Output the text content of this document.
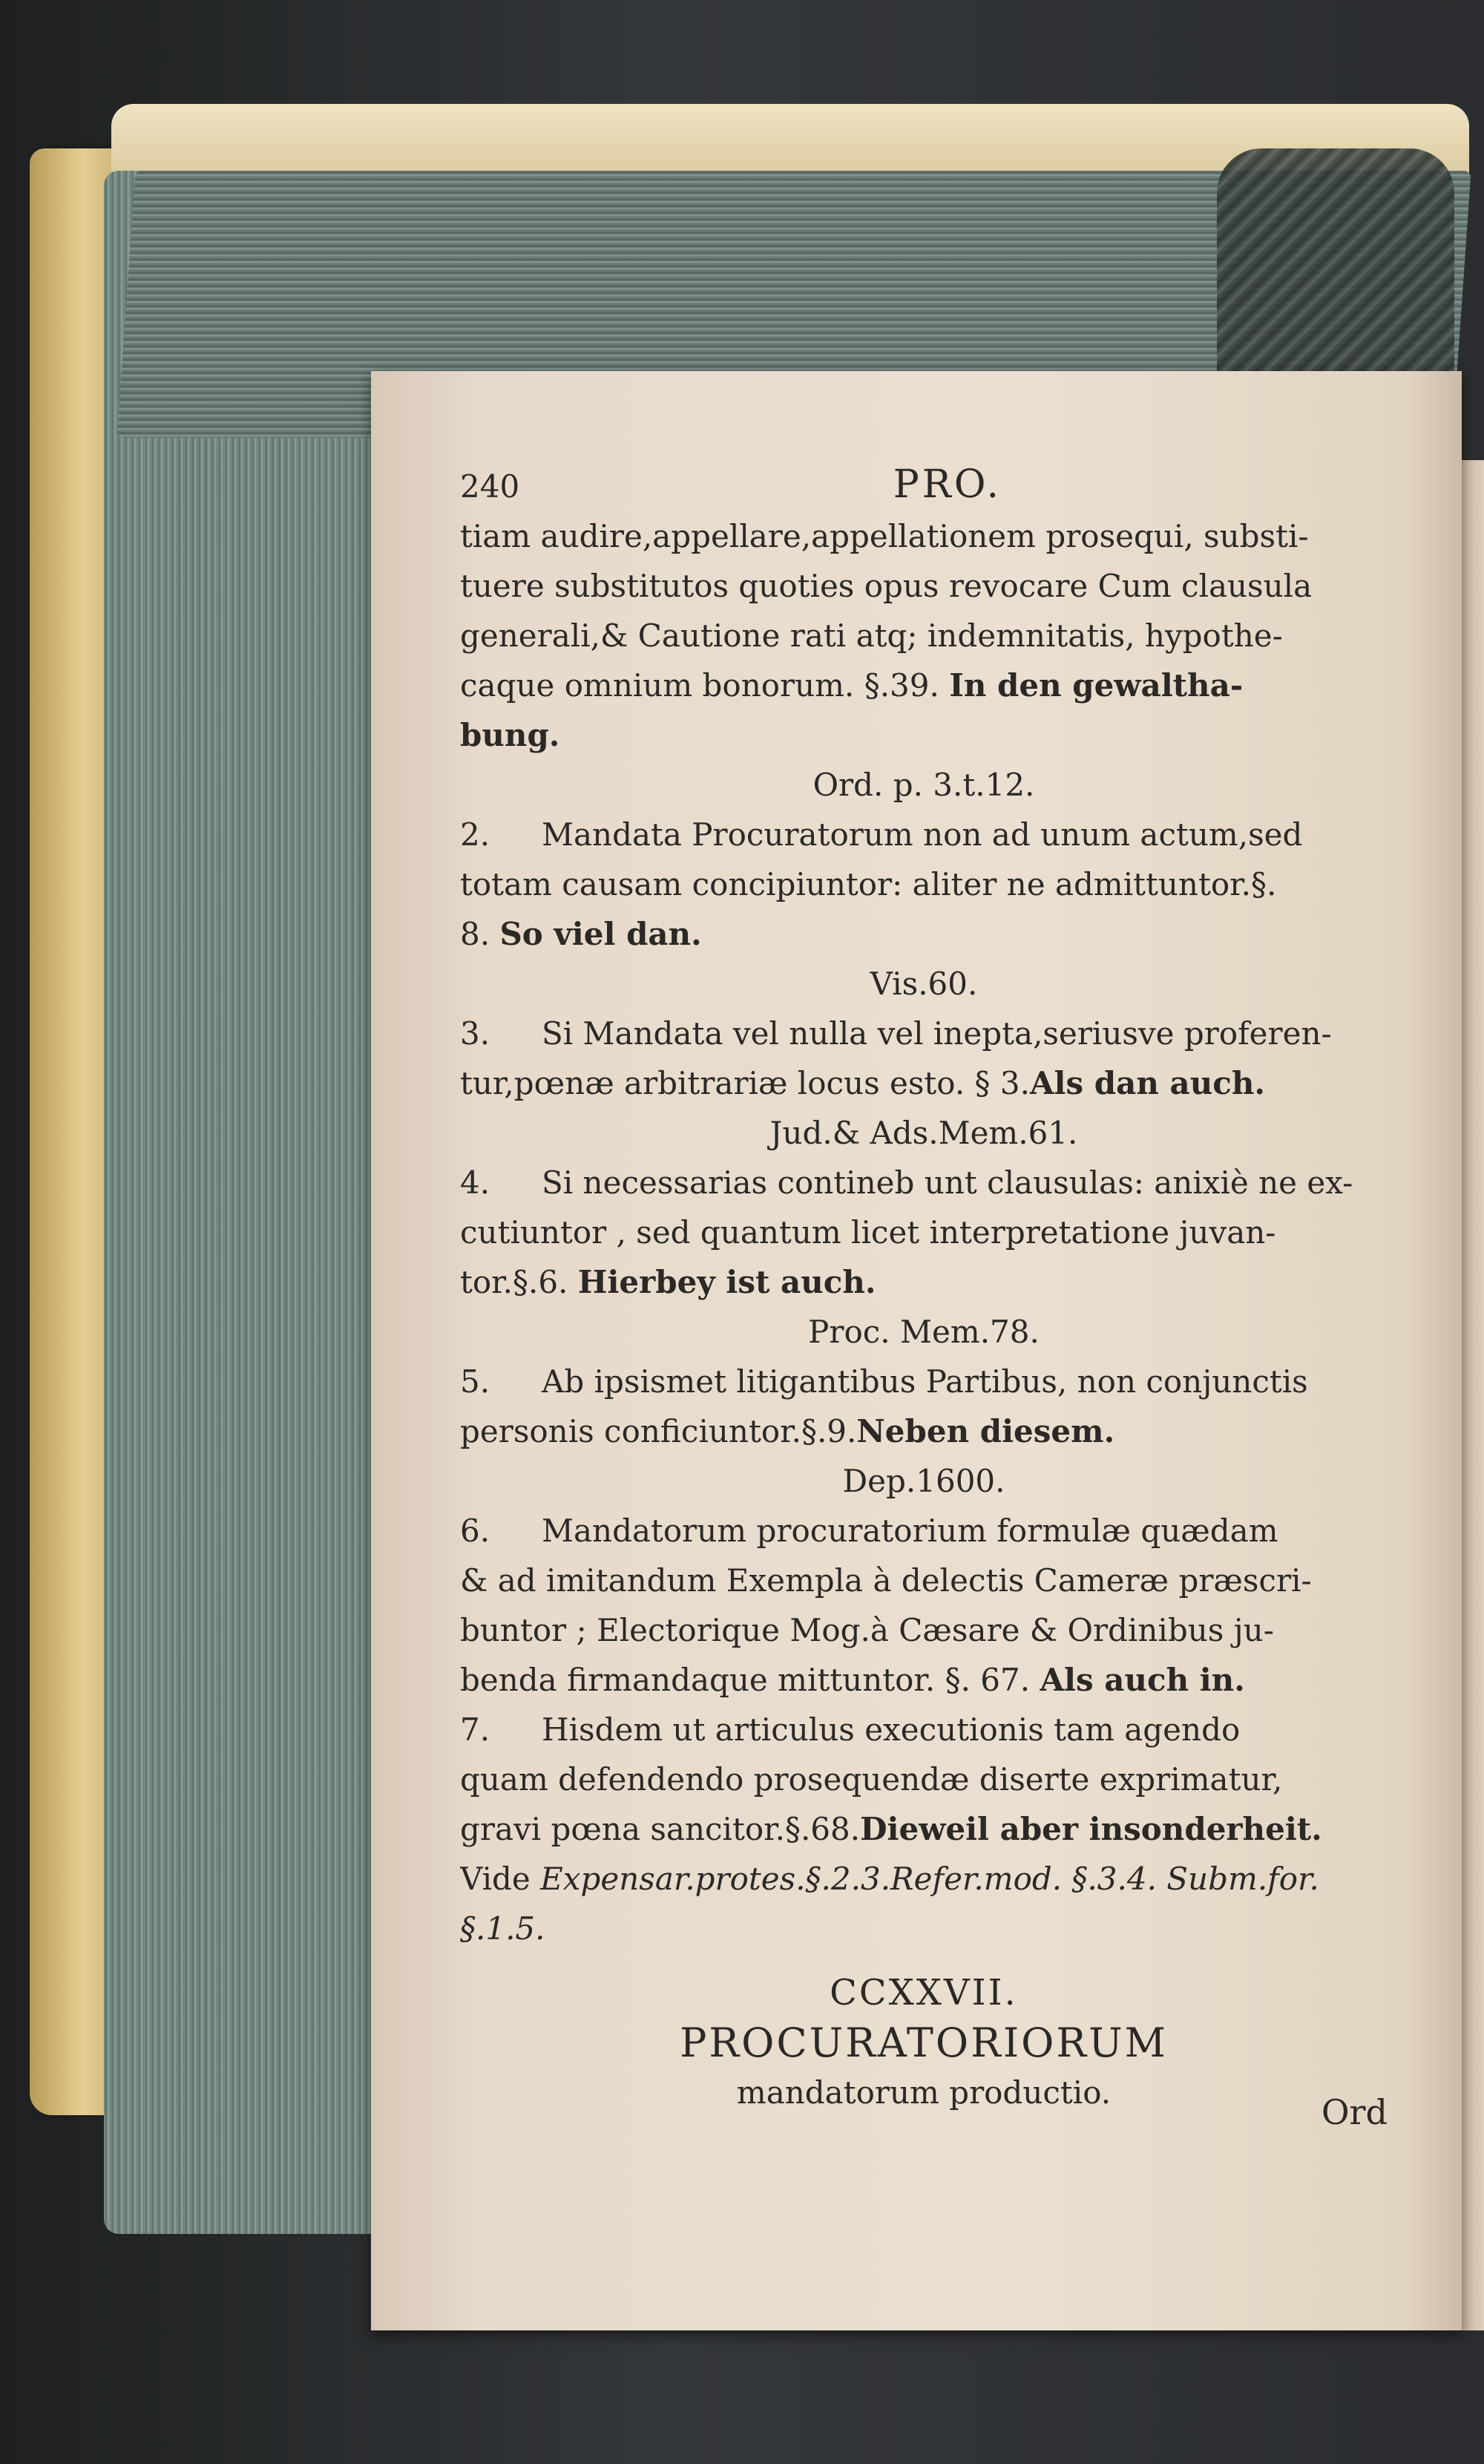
240	PRO.
tiam audire,appellare,appellationem prosequi, substi-
tuere substitutos quoties opus revocare Cum clausula
generali,& Cautione rati atq; indemnitatis, hypothe-
caque omnium bonorum. §.39. In den gewaltha-
bung.
Ord. p. 3.t.12.
2. Mandata Procuratorum non ad unum actum,sed
totam causam concipiuntor: aliter ne admittuntor.§.
8. So viel dan.
Vis.60.
3. Si Mandata vel nulla vel inepta,seriusve proferen-
tur,pœnæ arbitrariæ locus esto. § 3.Als dan auch.
Jud.& Ads.Mem.61.
4. Si necessarias contineb unt clausulas: anixiè ne ex-
cutiuntor , sed quantum licet interpretatione juvan-
tor.§.6. Hierbey ist auch.
Proc. Mem.78.
5. Ab ipsismet litigantibus Partibus, non conjunctis
personis conficiuntor.§.9.Neben diesem.
Dep.1600.
6. Mandatorum procuratorium formulæ quædam
& ad imitandum Exempla à delectis Cameræ præscri-
buntor ; Electorique Mog.à Cæsare & Ordinibus ju-
benda firmandaque mittuntor. §. 67. Als auch in.
7. Hisdem ut articulus executionis tam agendo
quam defendendo prosequendæ diserte exprimatur,
gravi pœna sancitor.§.68.Dieweil aber insonderheit.
Vide Expensar.protes.§.2.3.Refer.mod. §.3.4. Subm.for.
§.1.5.
CCXXVII.
PROCURATORIORUM
mandatorum productio.	Ord
